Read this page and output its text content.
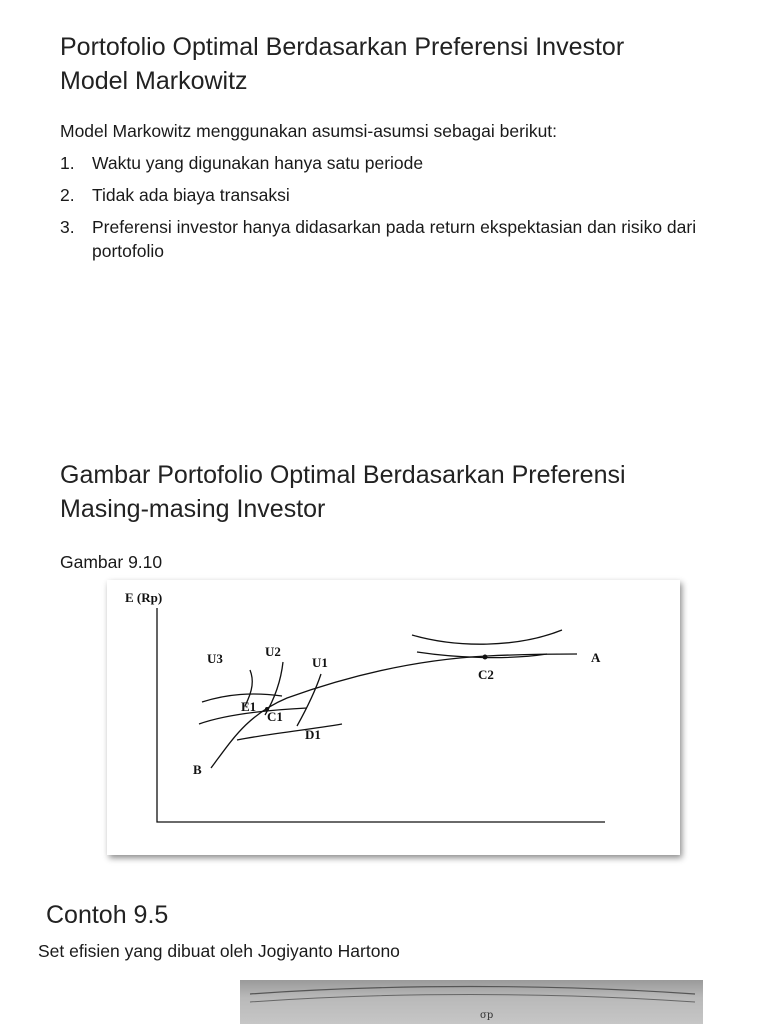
Portofolio Optimal Berdasarkan Preferensi Investor
Model Markowitz
Model Markowitz menggunakan asumsi-asumsi sebagai berikut:
1. Waktu yang digunakan hanya satu periode
2. Tidak ada biaya transaksi
3. Preferensi investor hanya didasarkan pada return ekspektasian dan risiko dari portofolio
Gambar Portofolio Optimal Berdasarkan Preferensi
Masing-masing Investor
Gambar 9.10
E (Rp)
U3	U2
U1	A
C2
E1
C1
D1
B
Contoh 9.5
Set efisien yang dibuat oleh Jogiyanto Hartono
σp
